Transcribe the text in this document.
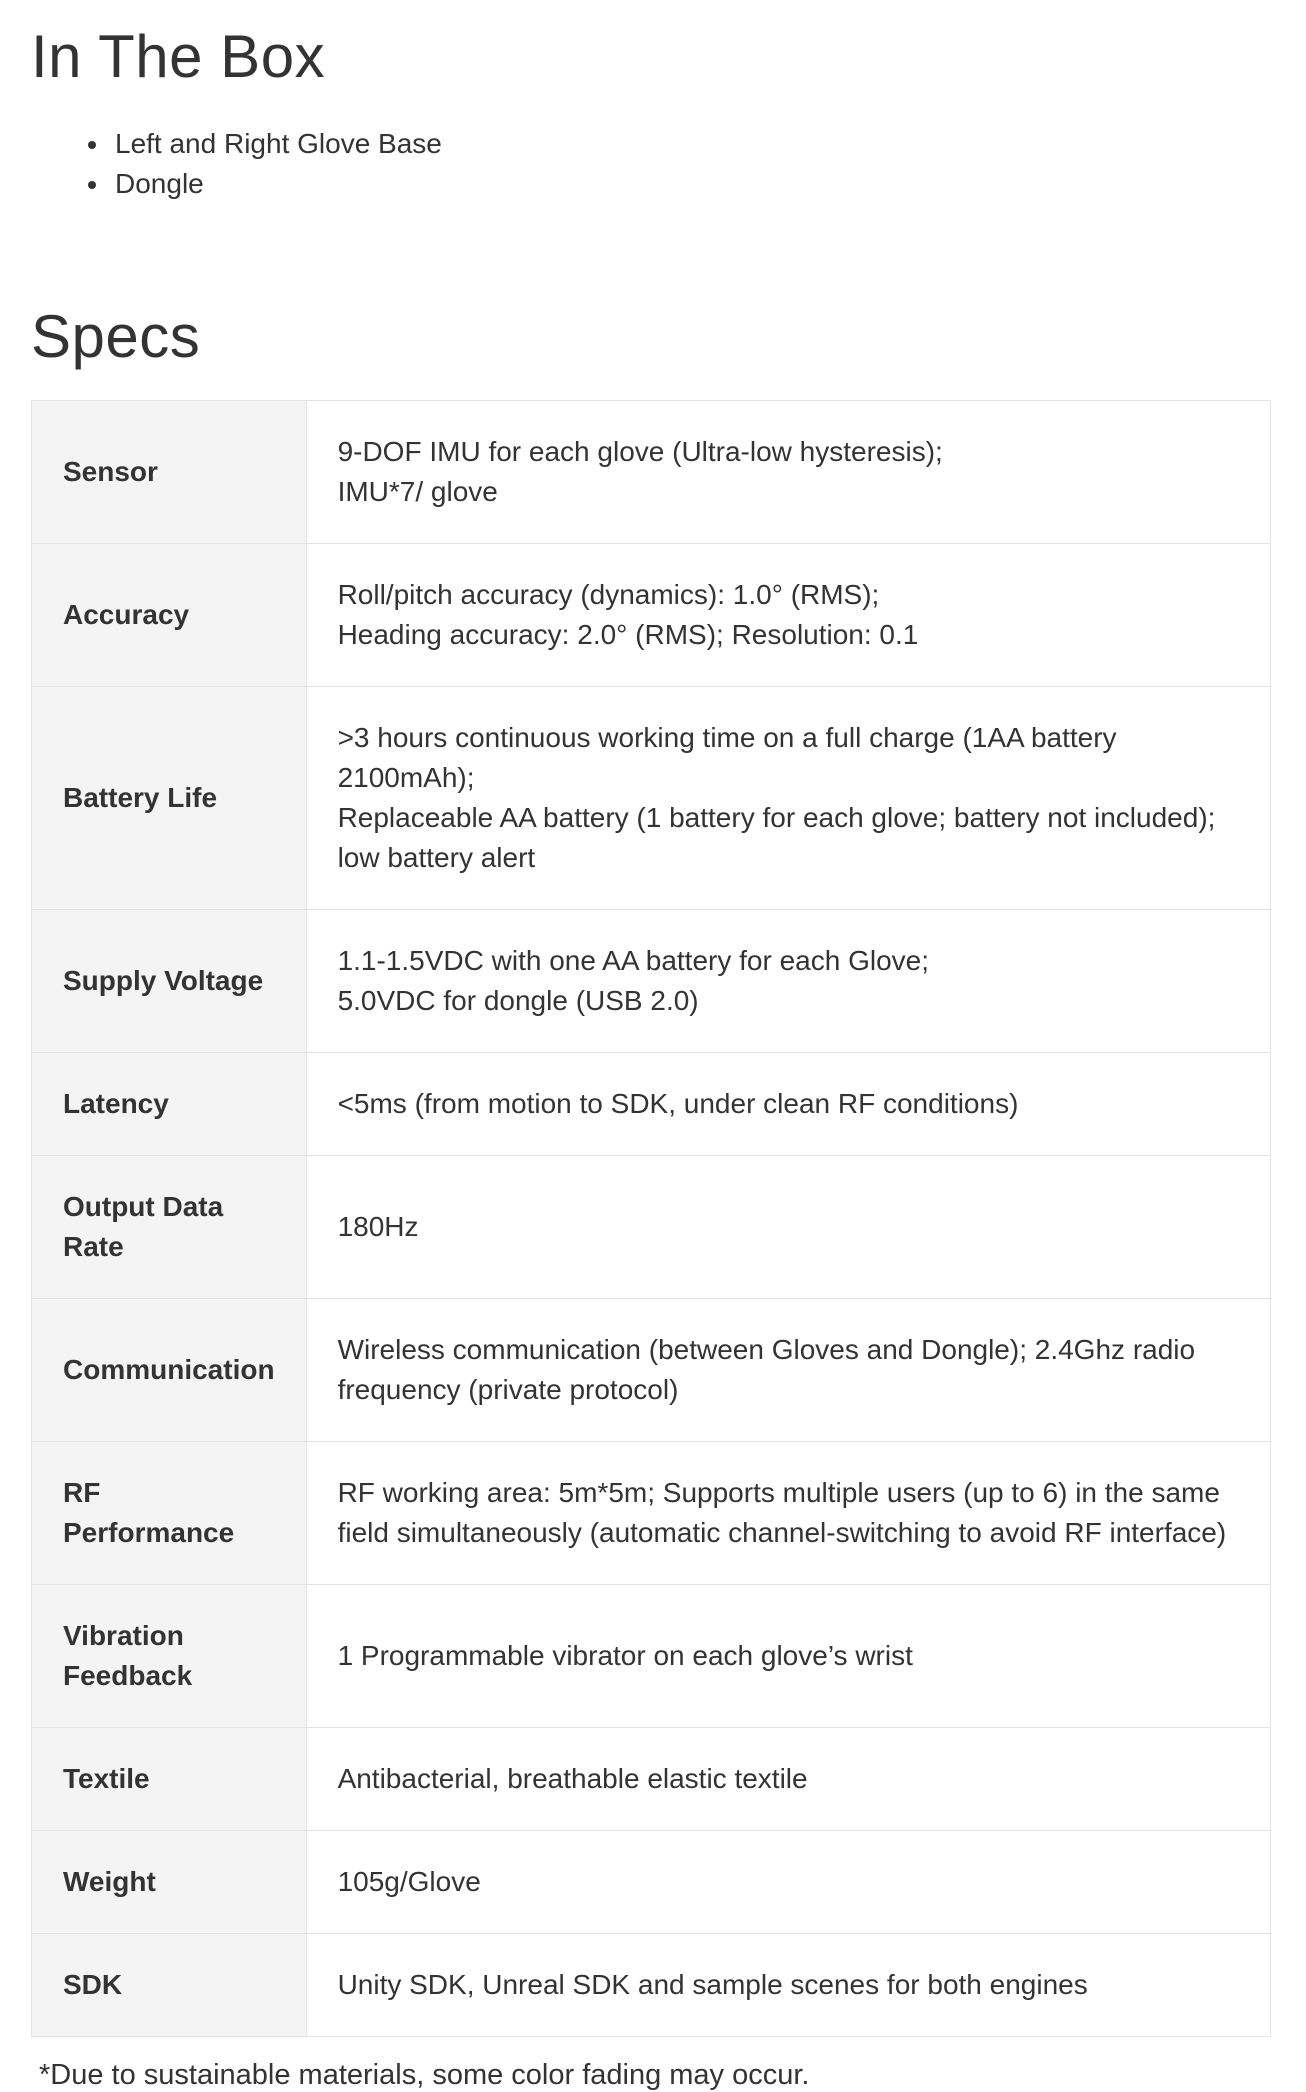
In The Box
• Left and Right Glove Base
• Dongle
Specs
Sensor	9-DOF IMU for each glove (Ultra-low hysteresis);
IMU*7/ glove

Accuracy	Roll/pitch accuracy (dynamics): 1.0° (RMS);
Heading accuracy: 2.0° (RMS); Resolution: 0.1

Battery Life	>3 hours continuous working time on a full charge (1AA battery 2100mAh);
Replaceable AA battery (1 battery for each glove; battery not included);
low battery alert

Supply Voltage	1.1-1.5VDC with one AA battery for each Glove;
5.0VDC for dongle (USB 2.0)

Latency	<5ms (from motion to SDK, under clean RF conditions)

Output Data Rate	180Hz

Communication	Wireless communication (between Gloves and Dongle); 2.4Ghz radio frequency (private protocol)

RF Performance	RF working area: 5m*5m; Supports multiple users (up to 6) in the same field simultaneously (automatic channel-switching to avoid RF interface)

Vibration Feedback	1 Programmable vibrator on each glove’s wrist

Textile	Antibacterial, breathable elastic textile

Weight	105g/Glove

SDK	Unity SDK, Unreal SDK and sample scenes for both engines

*Due to sustainable materials, some color fading may occur.
